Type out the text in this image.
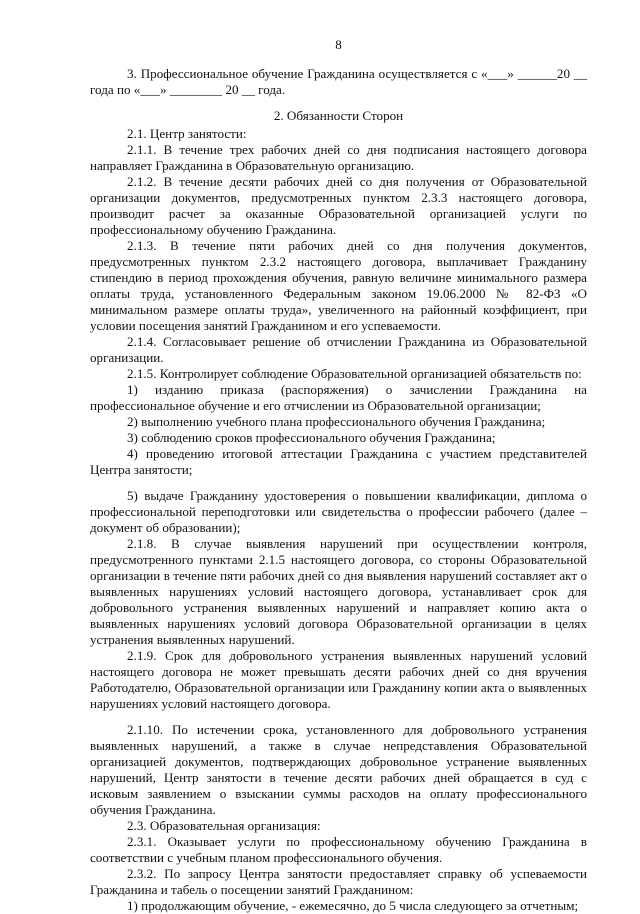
8

3. Профессиональное обучение Гражданина осуществляется с «___» ______20 __ года по «___» ________ 20 __ года.

2. Обязанности Сторон

2.1. Центр занятости:

2.1.1. В течение трех рабочих дней со дня подписания настоящего договора направляет Гражданина в Образовательную организацию.

2.1.2. В течение десяти рабочих дней со дня получения от Образовательной организации документов, предусмотренных пунктом 2.3.3 настоящего договора, производит расчет за оказанные Образовательной организацией услуги по профессиональному обучению Гражданина.

2.1.3. В течение пяти рабочих дней со дня получения документов, предусмотренных пунктом 2.3.2 настоящего договора, выплачивает Гражданину стипендию в период прохождения обучения, равную величине минимального размера оплаты труда, установленного Федеральным законом 19.06.2000 № 82-ФЗ «О минимальном размере оплаты труда», увеличенного на районный коэффициент, при условии посещения занятий Гражданином и его успеваемости.

2.1.4. Согласовывает решение об отчислении Гражданина из Образовательной организации.

2.1.5. Контролирует соблюдение Образовательной организацией обязательств по:

1) изданию приказа (распоряжения) о зачислении Гражданина на профессиональное обучение и его отчислении из Образовательной организации;

2) выполнению учебного плана профессионального обучения Гражданина;

3) соблюдению сроков профессионального обучения Гражданина;

4) проведению итоговой аттестации Гражданина с участием представителей Центра занятости;

5) выдаче Гражданину удостоверения о повышении квалификации, диплома о профессиональной переподготовки или свидетельства о профессии рабочего (далее – документ об образовании);

2.1.8. В случае выявления нарушений при осуществлении контроля, предусмотренного пунктами 2.1.5 настоящего договора, со стороны Образовательной организации в течение пяти рабочих дней со дня выявления нарушений составляет акт о выявленных нарушениях условий настоящего договора, устанавливает срок для добровольного устранения выявленных нарушений и направляет копию акта о выявленных нарушениях условий договора Образовательной организации в целях устранения выявленных нарушений.

2.1.9. Срок для добровольного устранения выявленных нарушений условий настоящего договора не может превышать десяти рабочих дней со дня вручения Работодателю, Образовательной организации или Гражданину копии акта о выявленных нарушениях условий настоящего договора.

2.1.10. По истечении срока, установленного для добровольного устранения выявленных нарушений, а также в случае непредставления Образовательной организацией документов, подтверждающих добровольное устранение выявленных нарушений, Центр занятости в течение десяти рабочих дней обращается в суд с исковым заявлением о взыскании суммы расходов на оплату профессионального обучения Гражданина.

2.3. Образовательная организация:

2.3.1. Оказывает услуги по профессиональному обучению Гражданина в соответствии с учебным планом профессионального обучения.

2.3.2. По запросу Центра занятости предоставляет справку об успеваемости Гражданина и табель о посещении занятий Гражданином:

1) продолжающим обучение, - ежемесячно, до 5 числа следующего за отчетным;
